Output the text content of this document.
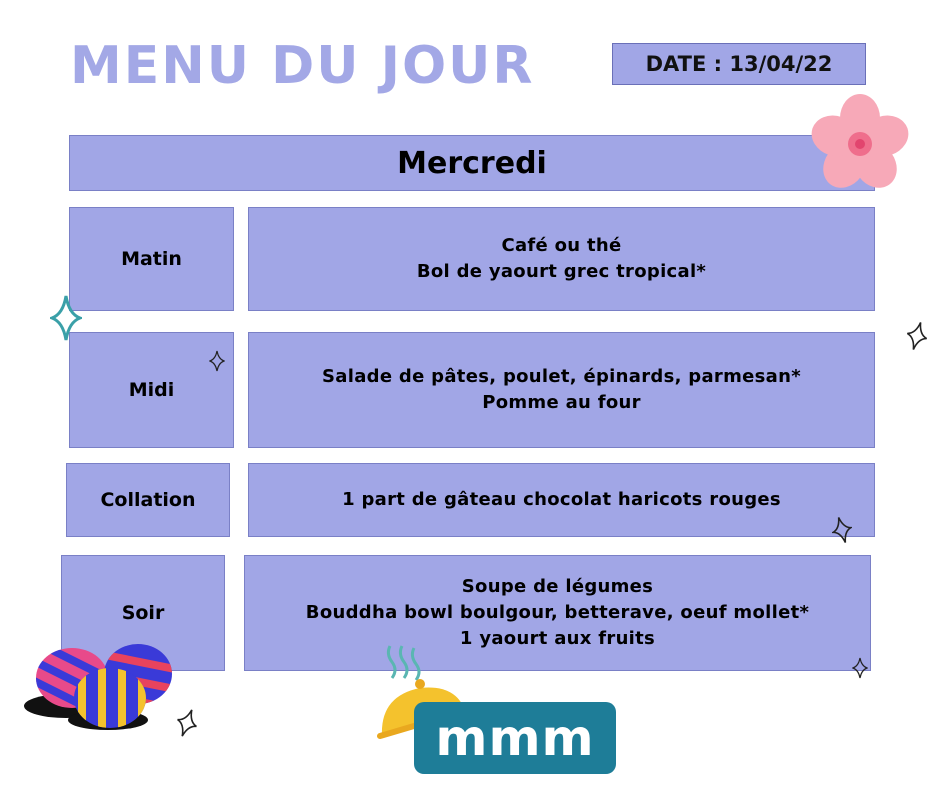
MENU DU JOUR	DATE : 13/04/22
Mercredi
Matin
Café ou thé
Bol de yaourt grec tropical*
Midi
Salade de pâtes, poulet, épinards, parmesan*
Pomme au four
Collation	1 part de gâteau chocolat haricots rouges
Soir
Soupe de légumes
Bouddha bowl boulgour, betterave, oeuf mollet*
1 yaourt aux fruits
mmm
